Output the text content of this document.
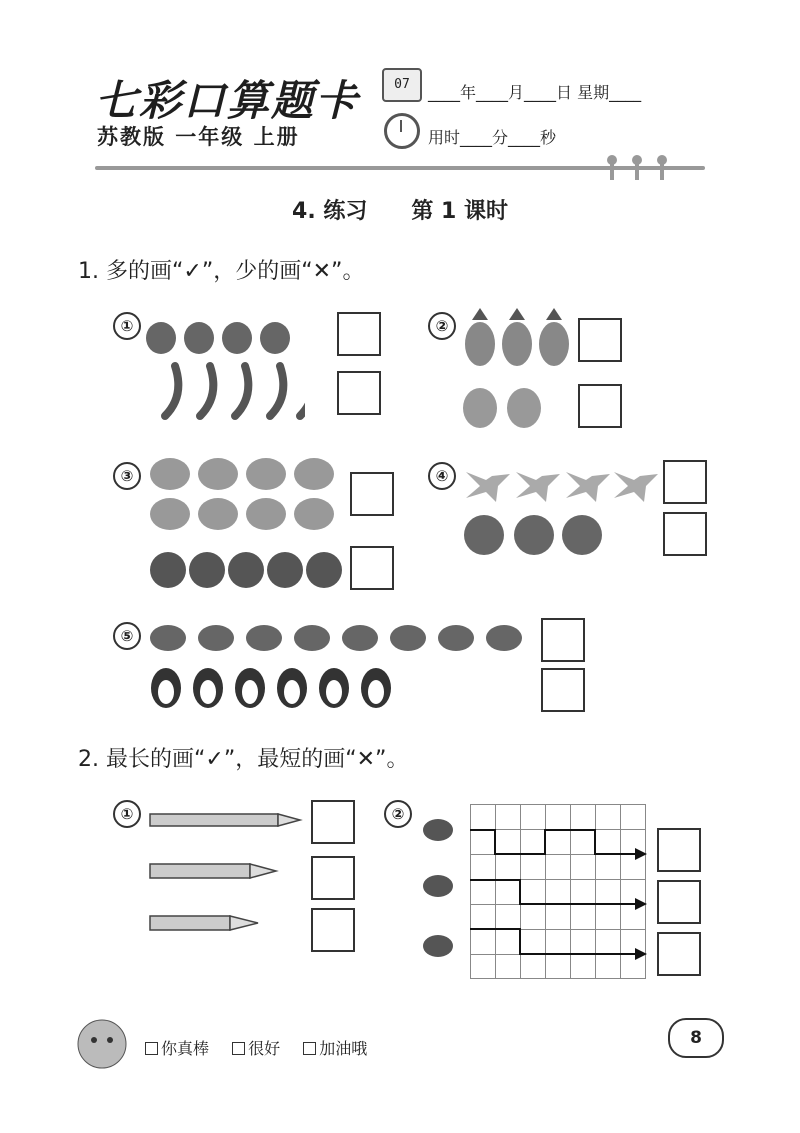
七彩口算题卡
苏教版 一年级 上册
07	____年____月____日 星期____
用时____分____秒
4. 练习　　第 1 课时
1. 多的画“✓”，少的画“✕”。
①	②
③	④
⑤
2. 最长的画“✓”，最短的画“✕”。
①	②
你真棒 很好 加油哦
8
